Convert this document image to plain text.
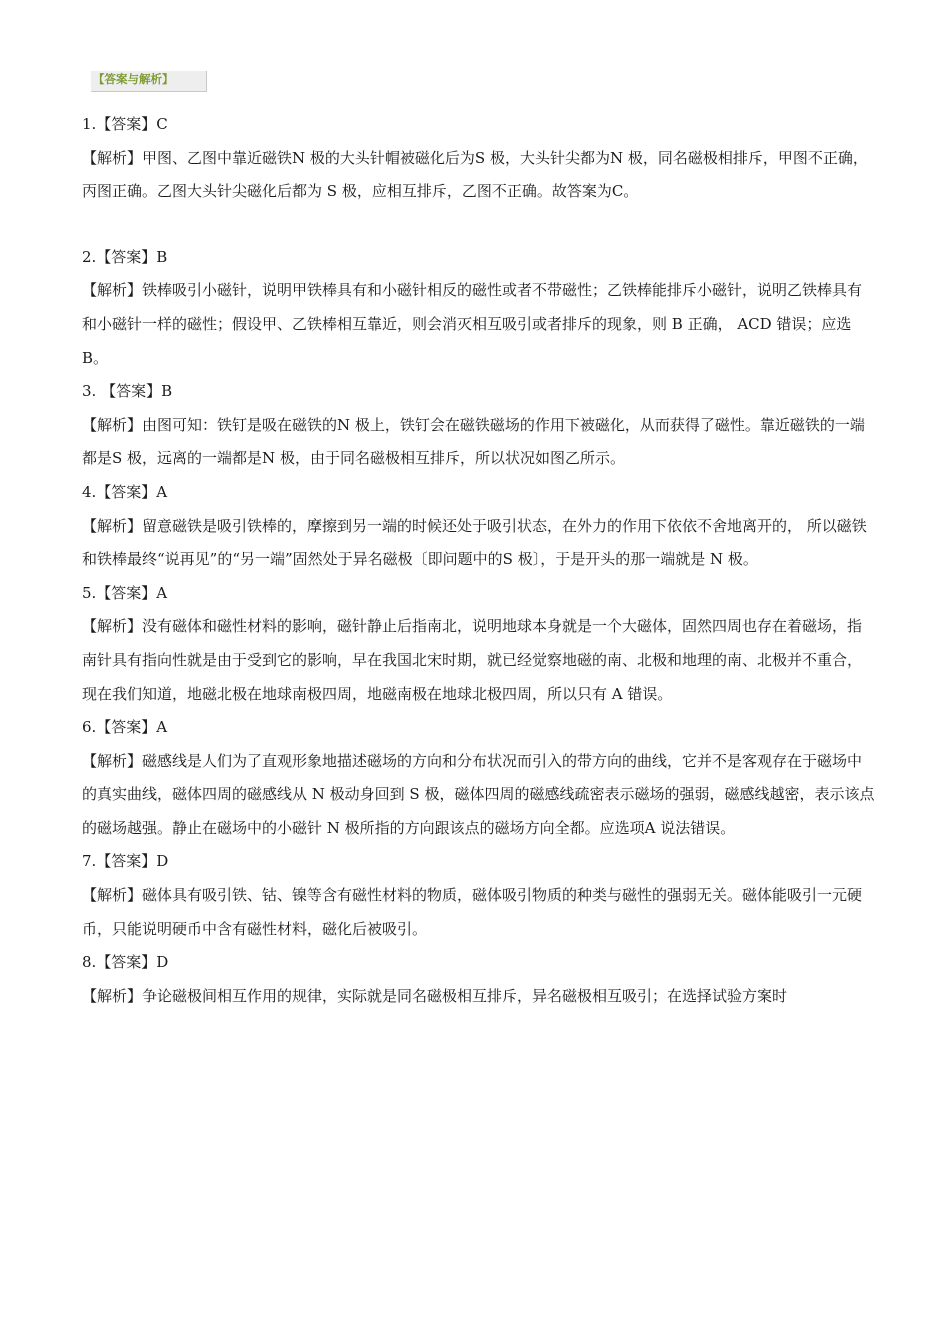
【答案与解析】
1.【答案】C
【解析】甲图、乙图中靠近磁铁N 极的大头针帽被磁化后为S 极，大头针尖都为N 极，同名磁极相排斥，甲图不正确，丙图正确。乙图大头针尖磁化后都为 S 极，应相互排斥，乙图不正确。故答案为C。
2.【答案】B
【解析】铁棒吸引小磁针，说明甲铁棒具有和小磁针相反的磁性或者不带磁性；乙铁棒能排斥小磁针，说明乙铁棒具有和小磁针一样的磁性；假设甲、乙铁棒相互靠近，则会消灭相互吸引或者排斥的现象，则 B 正确， ACD 错误；应选B。
3. 【答案】B
【解析】由图可知：铁钉是吸在磁铁的N 极上，铁钉会在磁铁磁场的作用下被磁化，从而获得了磁性。靠近磁铁的一端都是S 极，远离的一端都是N 极，由于同名磁极相互排斥，所以状况如图乙所示。
4.【答案】A
【解析】留意磁铁是吸引铁棒的，摩擦到另一端的时候还处于吸引状态，在外力的作用下依依不舍地离开的， 所以磁铁和铁棒最终“说再见”的“另一端”固然处于异名磁极〔即问题中的S 极〕，于是开头的那一端就是 N 极。
5.【答案】A
【解析】没有磁体和磁性材料的影响，磁针静止后指南北，说明地球本身就是一个大磁体，固然四周也存在着磁场，指南针具有指向性就是由于受到它的影响，早在我国北宋时期，就已经觉察地磁的南、北极和地理的南、北极并不重合，现在我们知道，地磁北极在地球南极四周，地磁南极在地球北极四周，所以只有 A 错误。
6.【答案】A
【解析】磁感线是人们为了直观形象地描述磁场的方向和分布状况而引入的带方向的曲线，它并不是客观存在于磁场中的真实曲线，磁体四周的磁感线从 N 极动身回到 S 极，磁体四周的磁感线疏密表示磁场的强弱，磁感线越密，表示该点的磁场越强。静止在磁场中的小磁针 N 极所指的方向跟该点的磁场方向全都。应选项A 说法错误。
7.【答案】D
【解析】磁体具有吸引铁、钴、镍等含有磁性材料的物质，磁体吸引物质的种类与磁性的强弱无关。磁体能吸引一元硬币，只能说明硬币中含有磁性材料，磁化后被吸引。
8.【答案】D
【解析】争论磁极间相互作用的规律，实际就是同名磁极相互排斥，异名磁极相互吸引；在选择试验方案时
